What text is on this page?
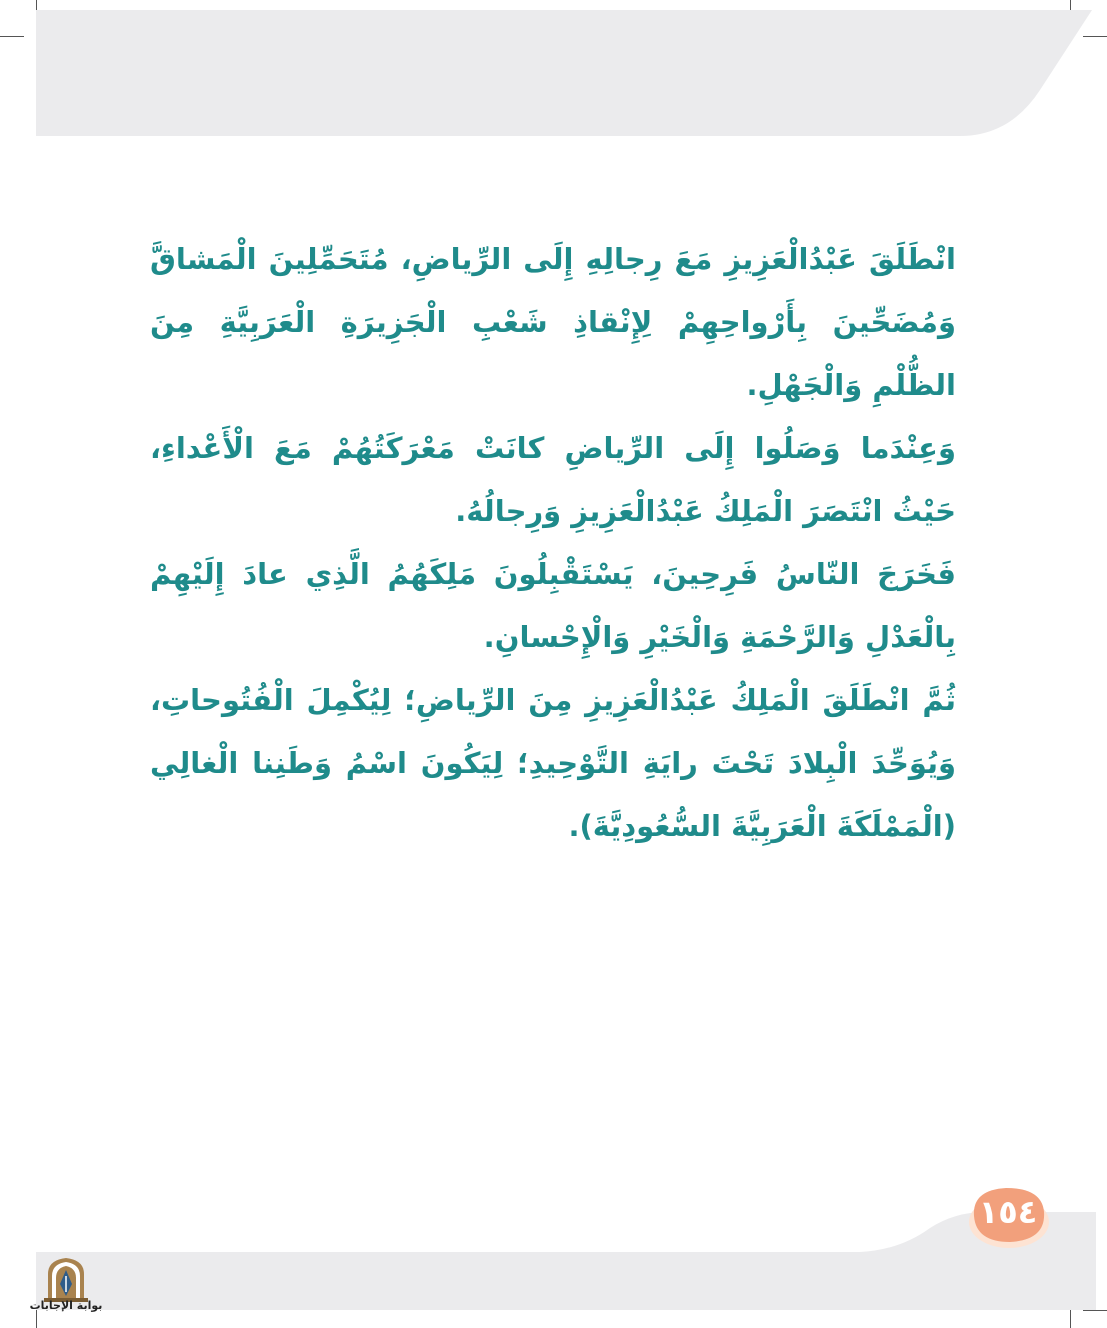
انْطَلَقَ عَبْدُالْعَزِيزِ مَعَ رِجالِهِ إِلَى الرِّياضِ، مُتَحَمِّلِينَ الْمَشاقَّ وَمُضَحِّينَ بِأَرْواحِهِمْ لِإِنْقاذِ شَعْبِ الْجَزِيرَةِ الْعَرَبِيَّةِ مِنَ الظُّلْمِ وَالْجَهْلِ.

وَعِنْدَما وَصَلُوا إِلَى الرِّياضِ كانَتْ مَعْرَكَتُهُمْ مَعَ الْأَعْداءِ، حَيْثُ انْتَصَرَ الْمَلِكُ عَبْدُالْعَزِيزِ وَرِجالُهُ.

فَخَرَجَ النّاسُ فَرِحِينَ، يَسْتَقْبِلُونَ مَلِكَهُمُ الَّذِي عادَ إِلَيْهِمْ بِالْعَدْلِ وَالرَّحْمَةِ وَالْخَيْرِ وَالْإِحْسانِ.

ثُمَّ انْطَلَقَ الْمَلِكُ عَبْدُالْعَزِيزِ مِنَ الرِّياضِ؛ لِيُكْمِلَ الْفُتُوحاتِ، وَيُوَحِّدَ الْبِلادَ تَحْتَ رايَةِ التَّوْحِيدِ؛ لِيَكُونَ اسْمُ وَطَنِنا الْغالِي (الْمَمْلَكَةَ الْعَرَبِيَّةَ السُّعُودِيَّةَ).

١٥٤
بوابة الإجابات
